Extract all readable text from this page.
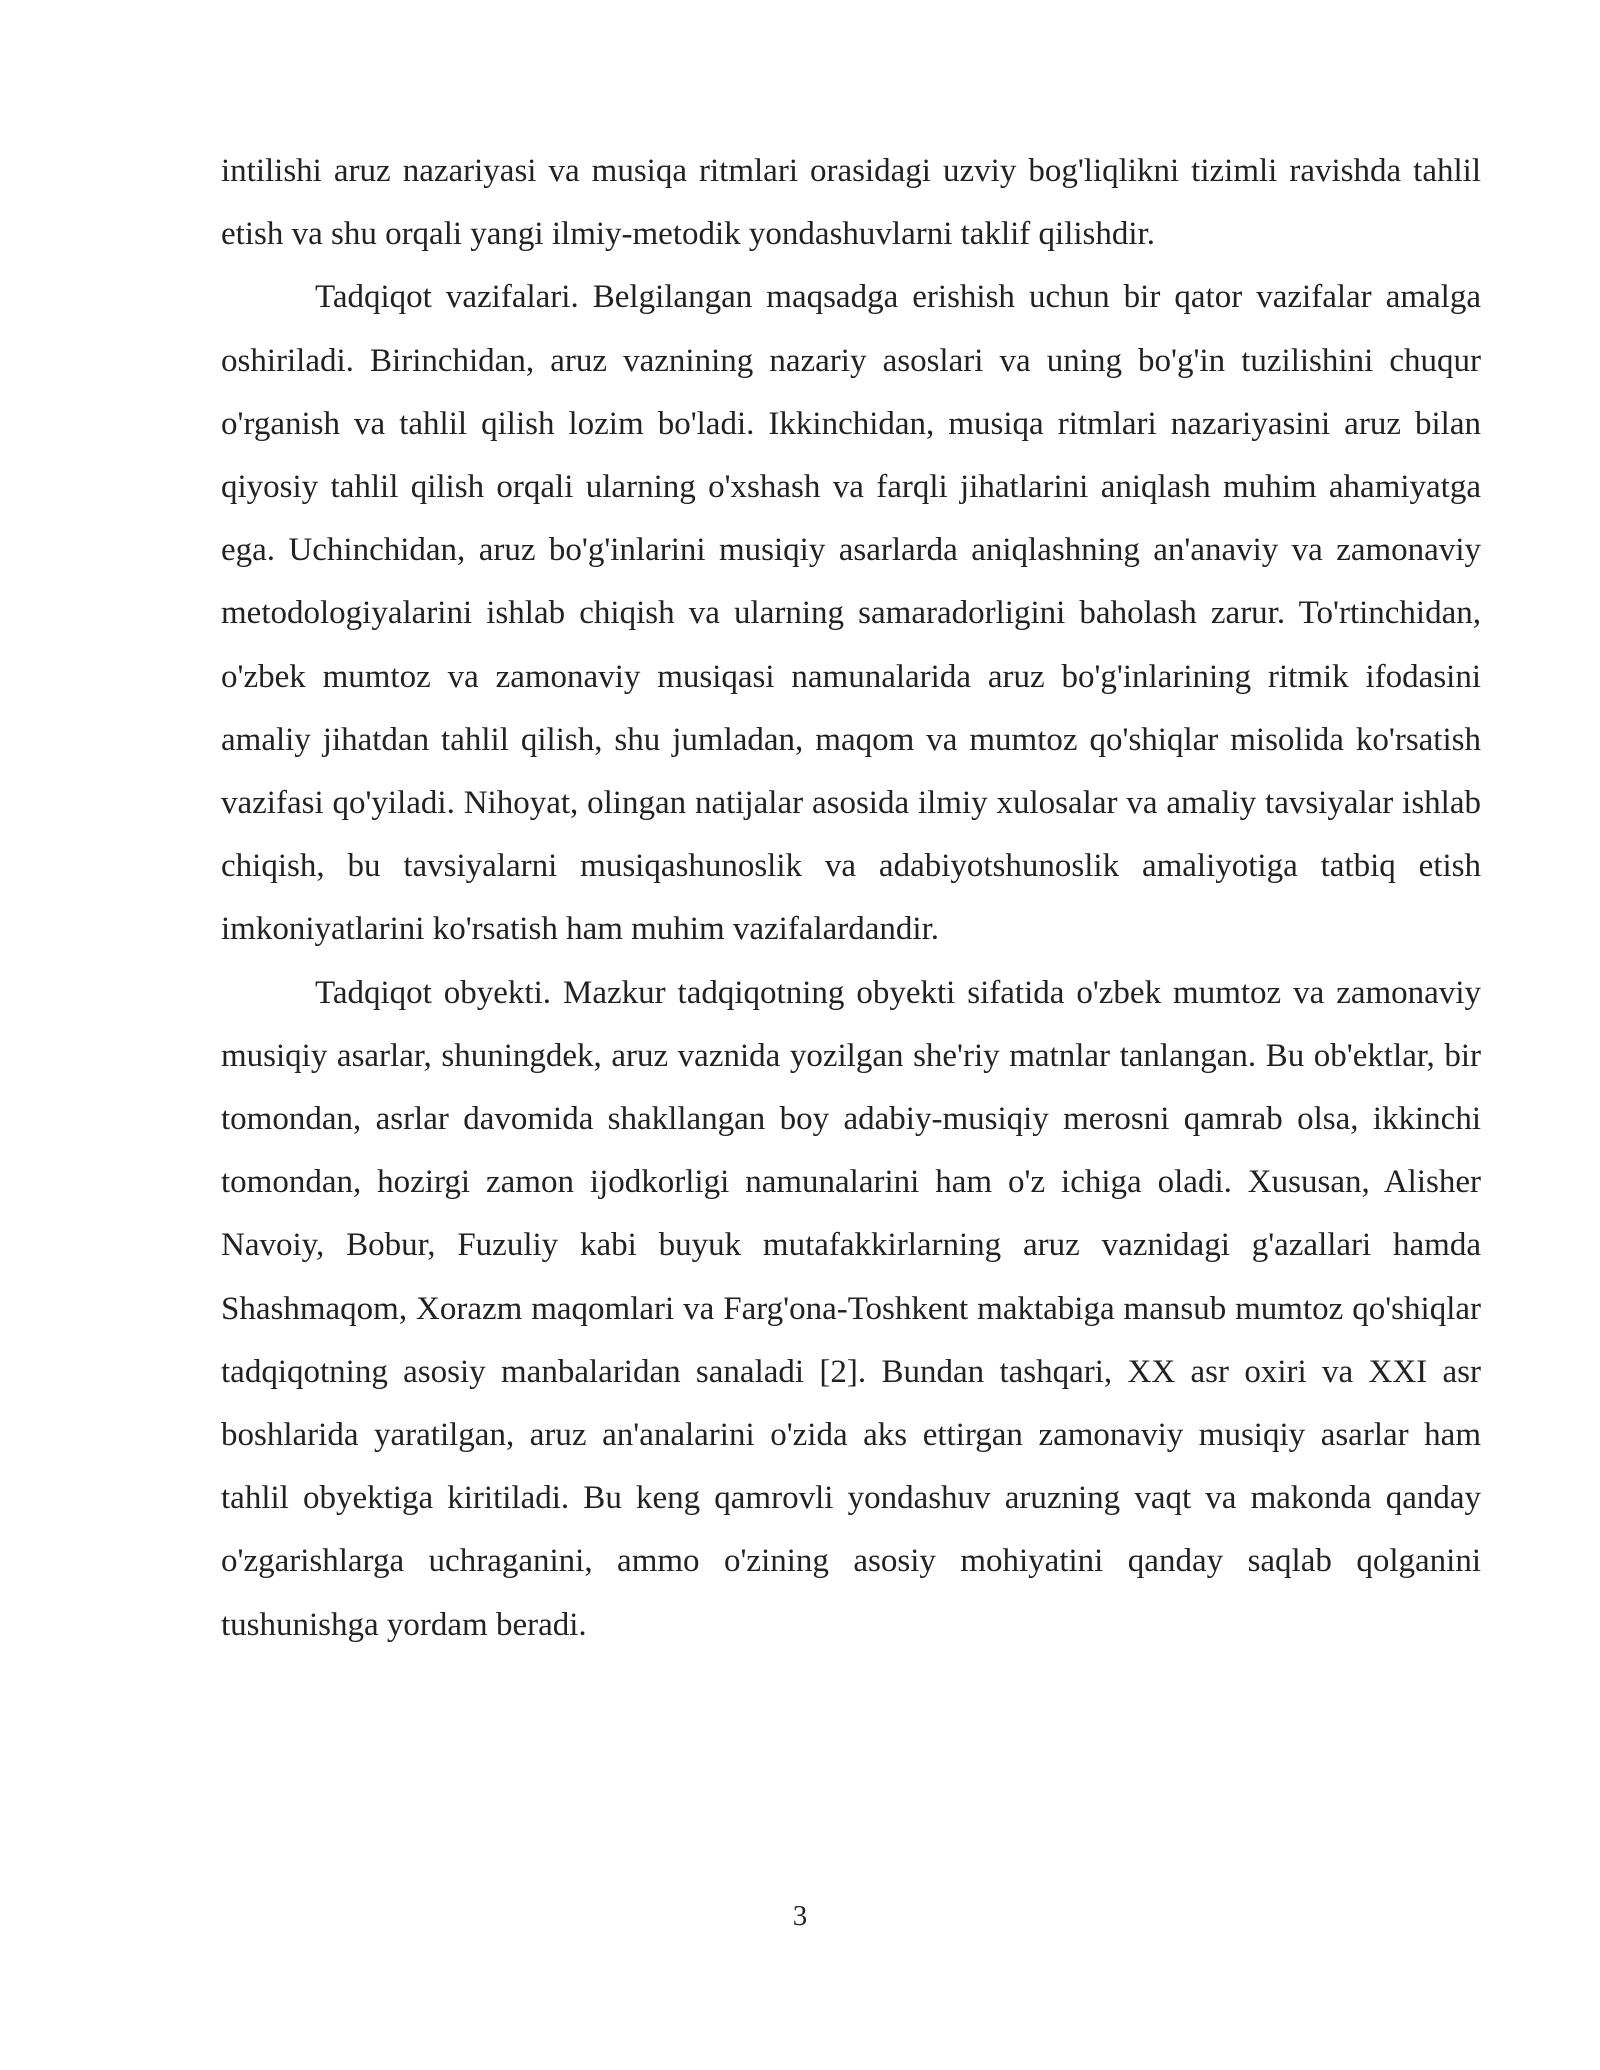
intilishi aruz nazariyasi va musiqa ritmlari orasidagi uzviy bog'liqlikni tizimli ravishda tahlil etish va shu orqali yangi ilmiy-metodik yondashuvlarni taklif qilishdir.

Tadqiqot vazifalari. Belgilangan maqsadga erishish uchun bir qator vazifalar amalga oshiriladi. Birinchidan, aruz vaznining nazariy asoslari va uning bo'g'in tuzilishini chuqur o'rganish va tahlil qilish lozim bo'ladi. Ikkinchidan, musiqa ritmlari nazariyasini aruz bilan qiyosiy tahlil qilish orqali ularning o'xshash va farqli jihatlarini aniqlash muhim ahamiyatga ega. Uchinchidan, aruz bo'g'inlarini musiqiy asarlarda aniqlashning an'anaviy va zamonaviy metodologiyalarini ishlab chiqish va ularning samaradorligini baholash zarur. To'rtinchidan, o'zbek mumtoz va zamonaviy musiqasi namunalarida aruz bo'g'inlarining ritmik ifodasini amaliy jihatdan tahlil qilish, shu jumladan, maqom va mumtoz qo'shiqlar misolida ko'rsatish vazifasi qo'yiladi. Nihoyat, olingan natijalar asosida ilmiy xulosalar va amaliy tavsiyalar ishlab chiqish, bu tavsiyalarni musiqashunoslik va adabiyotshunoslik amaliyotiga tatbiq etish imkoniyatlarini ko'rsatish ham muhim vazifalardandir.

Tadqiqot obyekti. Mazkur tadqiqotning obyekti sifatida o'zbek mumtoz va zamonaviy musiqiy asarlar, shuningdek, aruz vaznida yozilgan she'riy matnlar tanlangan. Bu ob'ektlar, bir tomondan, asrlar davomida shakllangan boy adabiy-musiqiy merosni qamrab olsa, ikkinchi tomondan, hozirgi zamon ijodkorligi namunalarini ham o'z ichiga oladi. Xususan, Alisher Navoiy, Bobur, Fuzuliy kabi buyuk mutafakkirlarning aruz vaznidagi g'azallari hamda Shashmaqom, Xorazm maqomlari va Farg'ona-Toshkent maktabiga mansub mumtoz qo'shiqlar tadqiqotning asosiy manbalaridan sanaladi [2]. Bundan tashqari, XX asr oxiri va XXI asr boshlarida yaratilgan, aruz an'analarini o'zida aks ettirgan zamonaviy musiqiy asarlar ham tahlil obyektiga kiritiladi. Bu keng qamrovli yondashuv aruzning vaqt va makonda qanday o'zgarishlarga uchraganini, ammo o'zining asosiy mohiyatini qanday saqlab qolganini tushunishga yordam beradi.

3
